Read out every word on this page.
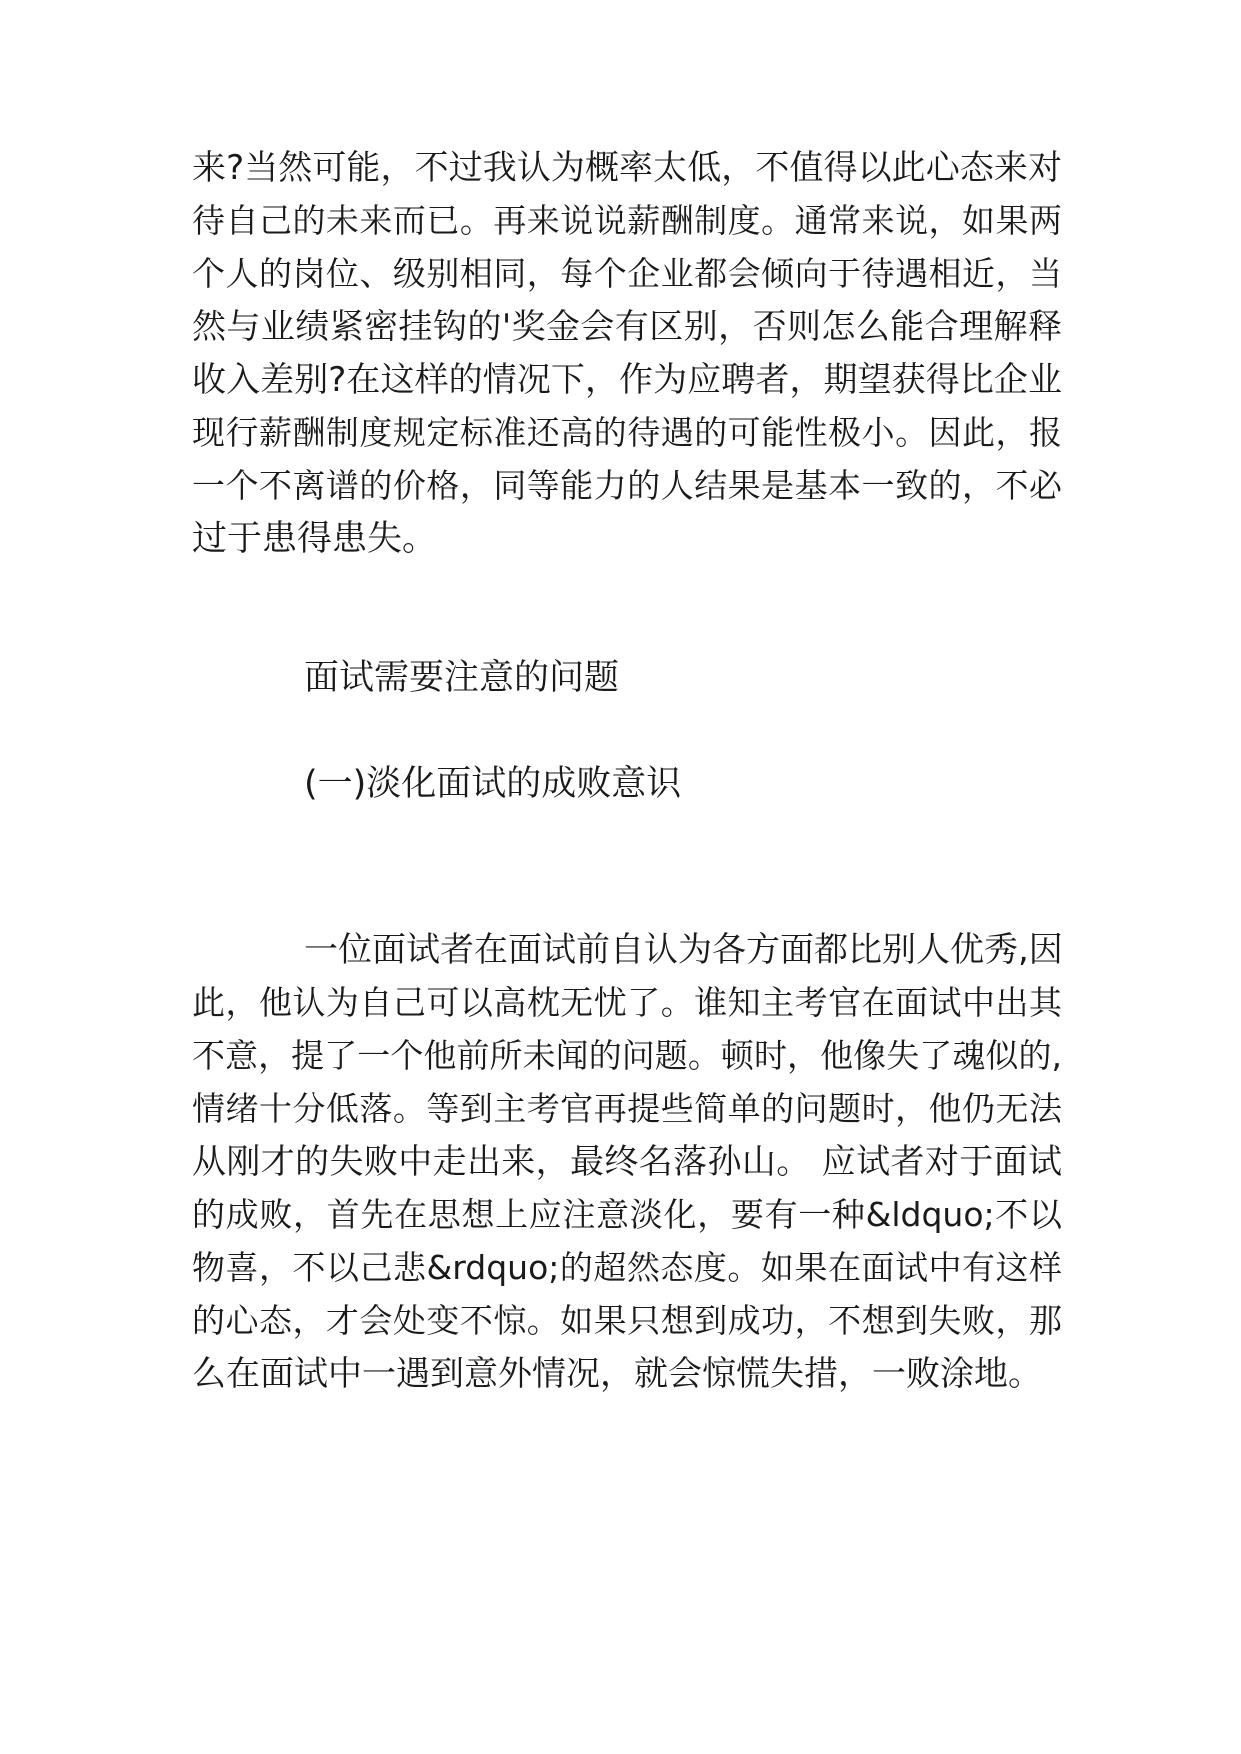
来?当然可能，不过我认为概率太低，不值得以此心态来对
待自己的未来而已。再来说说薪酬制度。通常来说，如果两
个人的岗位、级别相同，每个企业都会倾向于待遇相近，当
然与业绩紧密挂钩的'奖金会有区别，否则怎么能合理解释
收入差别?在这样的情况下，作为应聘者，期望获得比企业
现行薪酬制度规定标准还高的待遇的可能性极小。因此，报
一个不离谱的价格，同等能力的人结果是基本一致的，不必
过于患得患失。
面试需要注意的问题
(一)淡化面试的成败意识
一位面试者在面试前自认为各方面都比别人优秀,因
此，他认为自己可以高枕无忧了。谁知主考官在面试中出其
不意，提了一个他前所未闻的问题。顿时，他像失了魂似的,
情绪十分低落。等到主考官再提些简单的问题时，他仍无法
从刚才的失败中走出来，最终名落孙山。 应试者对于面试
的成败，首先在思想上应注意淡化，要有一种&ldquo;不以
物喜，不以己悲&rdquo;的超然态度。如果在面试中有这样
的心态，才会处变不惊。如果只想到成功，不想到失败，那
么在面试中一遇到意外情况，就会惊慌失措，一败涂地。
